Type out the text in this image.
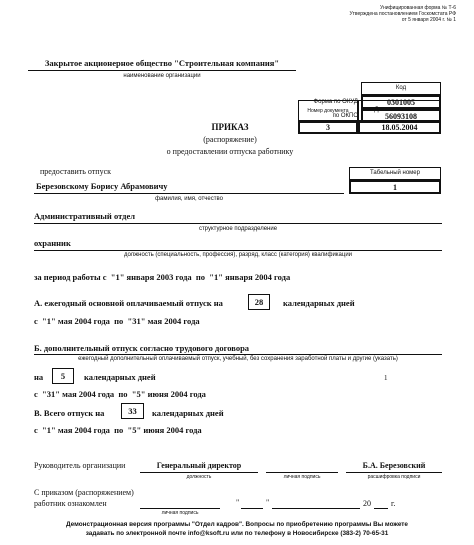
Унифицированная форма № Т-6
Утверждена постановлением Госкомстата РФ
от 5 января 2004 г. № 1
Код
Форма по ОКУД	0301005
по ОКПО	56093108
Закрытое акционерное общество "Строительная компания"
наименование организации
Номер документа	Дата составления
3	18.05.2004
ПРИКАЗ
(распоряжение)
о предоставлении отпуска работнику
предоставить отпуск	Табельный номер
1
Березовскому Борису Абрамовичу
фамилия, имя, отчество
Административный отдел
структурное подразделение
охранник
должность (специальность, профессия), разряд, класс (категория) квалификации
за период работы с  "1" января 2003 года  по  "1" января 2004 года
А. ежегодный основной оплачиваемый отпуск на	28	календарных дней
с  "1" мая 2004 года  по  "31" мая 2004 года
Б. дополнительный отпуск согласно трудового договора
ежегодный дополнительный оплачиваемый отпуск, учебный, без сохранения заработной платы и другие (указать)
на	5	календарных дней	1
с  "31" мая 2004 года  по  "5" июня 2004 года
В. Всего отпуск на	33	календарных дней
с  "1" мая 2004 года  по  "5" июня 2004 года
Руководитель организации	Генеральный директор
должность	личная подпись
Б.А. Березовский
расшифровка подписи
С приказом (распоряжением)
работник ознакомлен
личная подпись
"	"	20	г.
Демонстрационная версия программы "Отдел кадров". Вопросы по приобретению программы Вы можете
задавать по электронной почте info@ksoft.ru или по телефону в Новосибирске (383-2) 70-65-31
